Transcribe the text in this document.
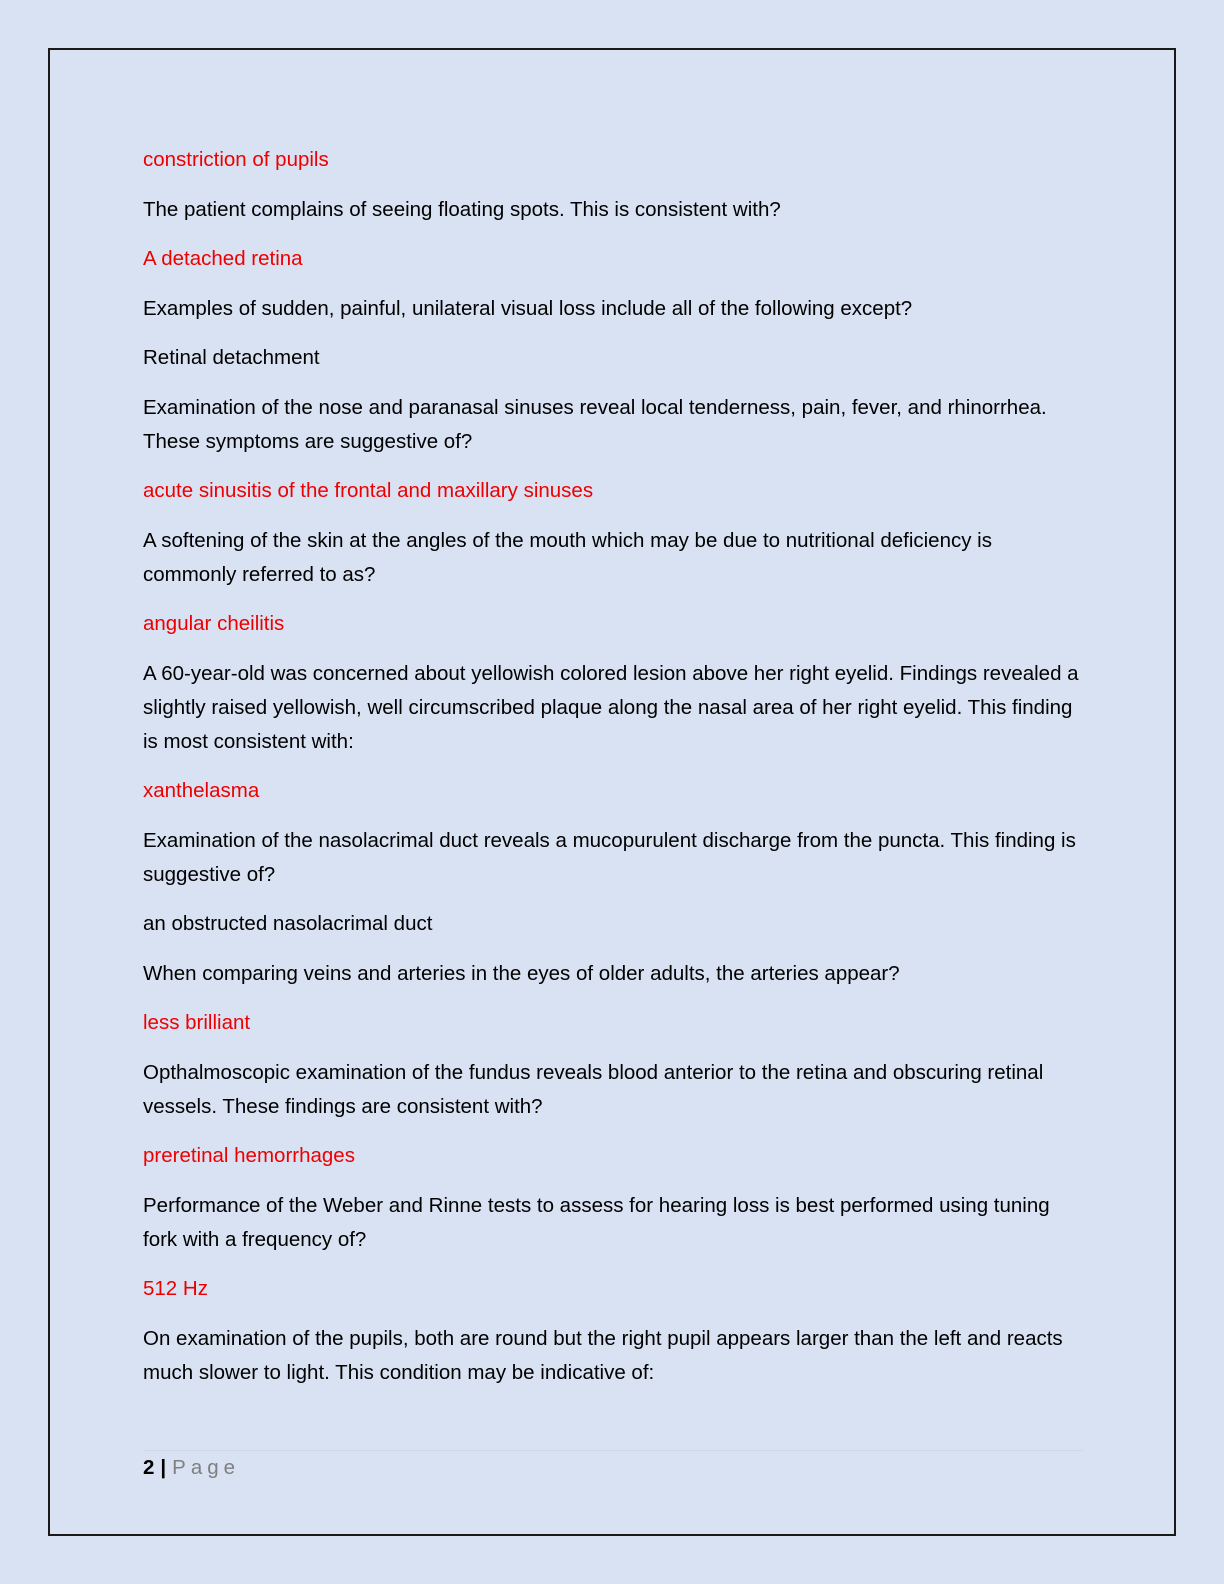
constriction of pupils

The patient complains of seeing floating spots. This is consistent with?

A detached retina

Examples of sudden, painful, unilateral visual loss include all of the following except?

Retinal detachment

Examination of the nose and paranasal sinuses reveal local tenderness, pain, fever, and rhinorrhea. These symptoms are suggestive of?

acute sinusitis of the frontal and maxillary sinuses

A softening of the skin at the angles of the mouth which may be due to nutritional deficiency is commonly referred to as?

angular cheilitis

A 60-year-old was concerned about yellowish colored lesion above her right eyelid. Findings revealed a slightly raised yellowish, well circumscribed plaque along the nasal area of her right eyelid. This finding is most consistent with:

xanthelasma

Examination of the nasolacrimal duct reveals a mucopurulent discharge from the puncta. This finding is suggestive of?

an obstructed nasolacrimal duct

When comparing veins and arteries in the eyes of older adults, the arteries appear?

less brilliant

Opthalmoscopic examination of the fundus reveals blood anterior to the retina and obscuring retinal vessels. These findings are consistent with?

preretinal hemorrhages

Performance of the Weber and Rinne tests to assess for hearing loss is best performed using tuning fork with a frequency of?

512 Hz

On examination of the pupils, both are round but the right pupil appears larger than the left and reacts much slower to light. This condition may be indicative of:

2 | Page
